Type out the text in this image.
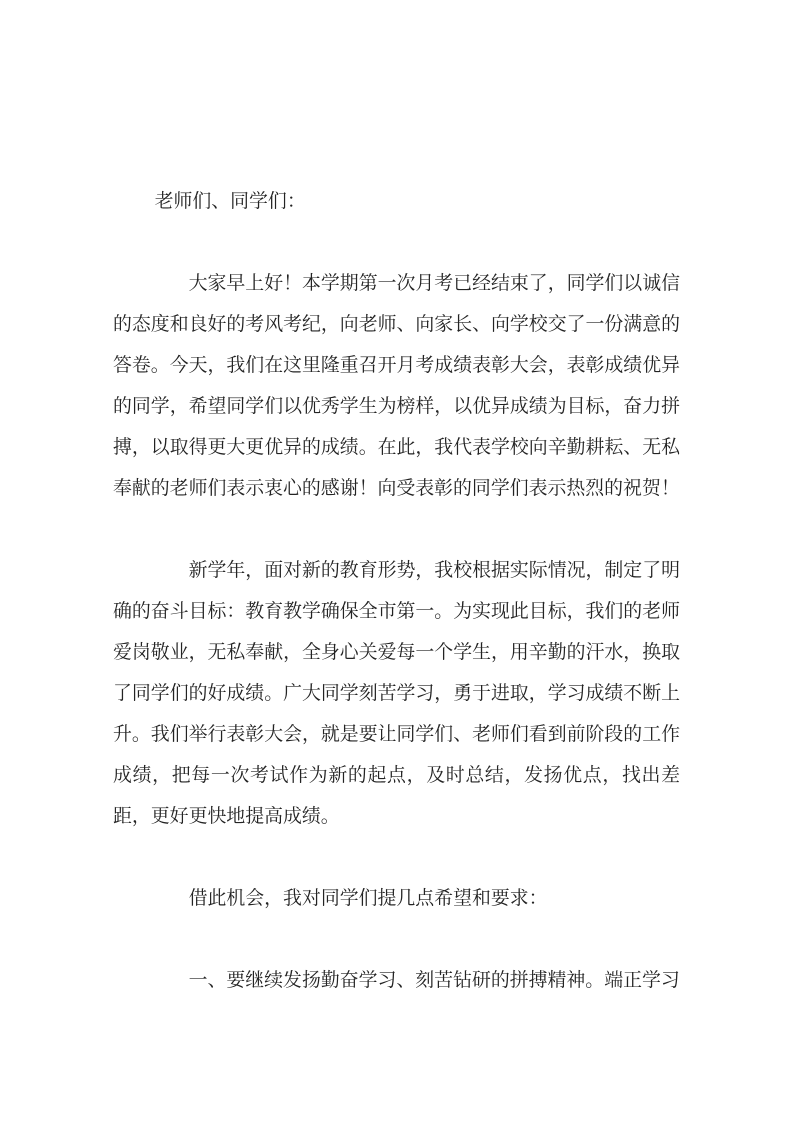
老师们、同学们：

大家早上好！本学期第一次月考已经结束了，同学们以诚信的态度和良好的考风考纪，向老师、向家长、向学校交了一份满意的答卷。今天，我们在这里隆重召开月考成绩表彰大会，表彰成绩优异的同学，希望同学们以优秀学生为榜样，以优异成绩为目标，奋力拼搏，以取得更大更优异的成绩。在此，我代表学校向辛勤耕耘、无私奉献的老师们表示衷心的感谢！向受表彰的同学们表示热烈的祝贺！

新学年，面对新的教育形势，我校根据实际情况，制定了明确的奋斗目标：教育教学确保全市第一。为实现此目标，我们的老师爱岗敬业，无私奉献，全身心关爱每一个学生，用辛勤的汗水，换取了同学们的好成绩。广大同学刻苦学习，勇于进取，学习成绩不断上升。我们举行表彰大会，就是要让同学们、老师们看到前阶段的工作成绩，把每一次考试作为新的起点，及时总结，发扬优点，找出差距，更好更快地提高成绩。

借此机会，我对同学们提几点希望和要求：

一、要继续发扬勤奋学习、刻苦钻研的拼搏精神。端正学习
